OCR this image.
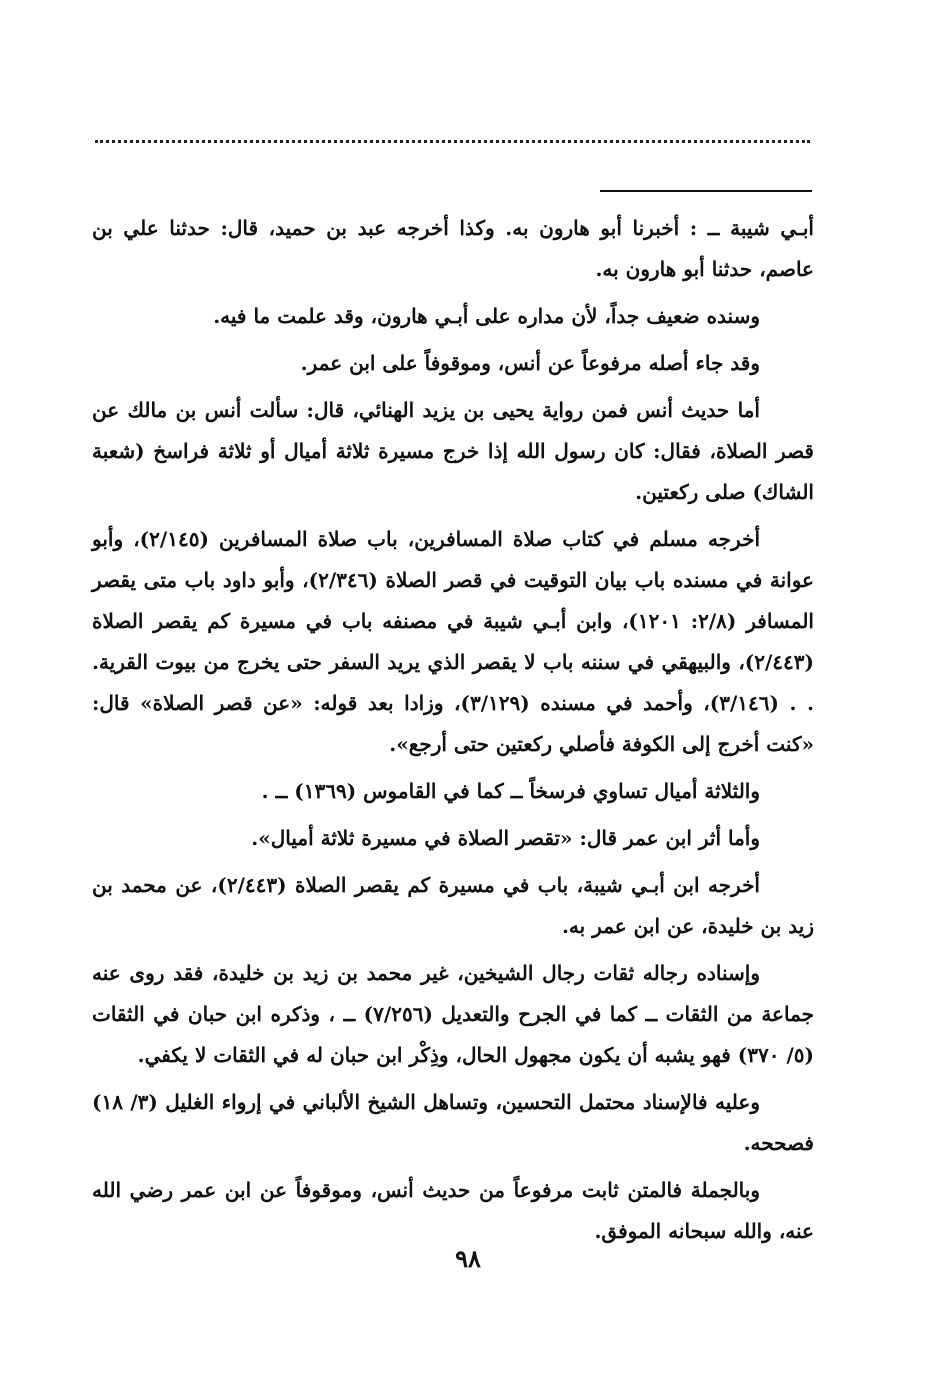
أبـي شيبة ــ : أخبرنا أبو هارون به. وكذا أخرجه عبد بن حميد، قال: حدثنا علي بن عاصم، حدثنا أبو هارون به.

وسنده ضعيف جداً، لأن مداره على أبـي هارون، وقد علمت ما فيه.

وقد جاء أصله مرفوعاً عن أنس، وموقوفاً على ابن عمر.

أما حديث أنس فمن رواية يحيى بن يزيد الهنائي، قال: سألت أنس بن مالك عن قصر الصلاة، فقال: كان رسول الله إذا خرج مسيرة ثلاثة أميال أو ثلاثة فراسخ (شعبة الشاك) صلى ركعتين.

أخرجه مسلم في كتاب صلاة المسافرين، باب صلاة المسافرين (٢/١٤٥)، وأبو عوانة في مسنده باب بيان التوقيت في قصر الصلاة (٢/٣٤٦)، وأبو داود باب متى يقصر المسافر (٢/٨: ١٢٠١)، وابن أبـي شيبة في مصنفه باب في مسيرة كم يقصر الصلاة (٢/٤٤٣)، والبيهقي في سننه باب لا يقصر الذي يريد السفر حتى يخرج من بيوت القرية. . . (٣/١٤٦)، وأحمد في مسنده (٣/١٢٩)، وزادا بعد قوله: «عن قصر الصلاة» قال: «كنت أخرج إلى الكوفة فأصلي ركعتين حتى أرجع».

والثلاثة أميال تساوي فرسخاً ــ كما في القاموس (١٣٦٩) ــ .

وأما أثر ابن عمر قال: «تقصر الصلاة في مسيرة ثلاثة أميال».

أخرجه ابن أبـي شيبة، باب في مسيرة كم يقصر الصلاة (٢/٤٤٣)، عن محمد بن زيد بن خليدة، عن ابن عمر به.

وإسناده رجاله ثقات رجال الشيخين، غير محمد بن زيد بن خليدة، فقد روى عنه جماعة من الثقات ــ كما في الجرح والتعديل (٧/٢٥٦) ــ ، وذكره ابن حبان في الثقات (٥/ ٣٧٠) فهو يشبه أن يكون مجهول الحال، وذِكْر ابن حبان له في الثقات لا يكفي.

وعليه فالإسناد محتمل التحسين، وتساهل الشيخ الألباني في إرواء الغليل (٣/ ١٨) فصححه.

وبالجملة فالمتن ثابت مرفوعاً من حديث أنس، وموقوفاً عن ابن عمر رضي الله عنه، والله سبحانه الموفق.

٩٨
